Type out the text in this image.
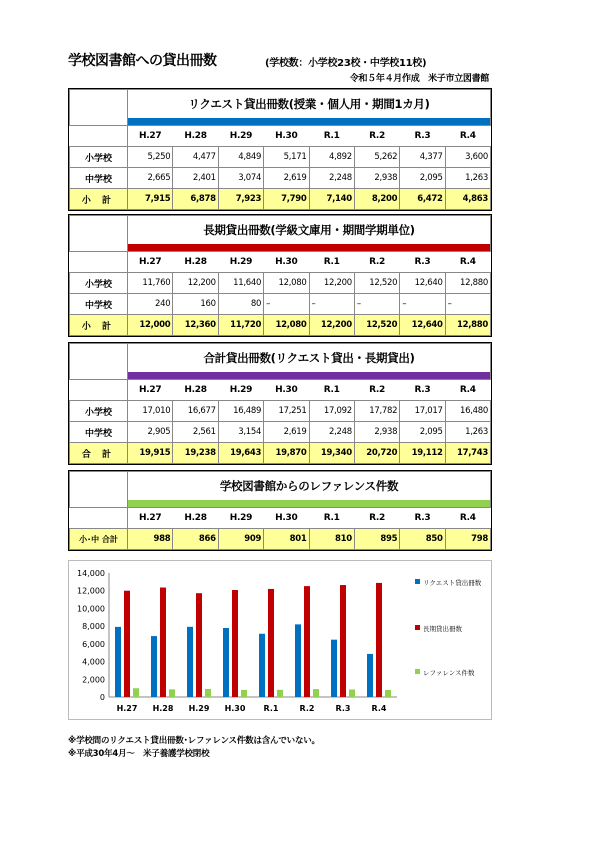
学校図書館への貸出冊数	(学校数：小学校23校・中学校11校)
令和５年４月作成　米子市立図書館

	リクエスト貸出冊数(授業・個人用・期間1カ月)							

	H.27	H.28	H.29	H.30	R.1	R.2	R.3	R.4
小学校	5,250	4,477	4,849	5,171	4,892	5,262	4,377	3,600
中学校	2,665	2,401	3,074	2,619	2,248	2,938	2,095	1,263
小 計	7,915	6,878	7,923	7,790	7,140	8,200	6,472	4,863

	長期貸出冊数(学級文庫用・期間学期単位)							

	H.27	H.28	H.29	H.30	R.1	R.2	R.3	R.4
小学校	11,760	12,200	11,640	12,080	12,200	12,520	12,640	12,880
中学校	240	160	80	–	–	–	–	–
小 計	12,000	12,360	11,720	12,080	12,200	12,520	12,640	12,880

	合計貸出冊数(リクエスト貸出・長期貸出)							

	H.27	H.28	H.29	H.30	R.1	R.2	R.3	R.4
小学校	17,010	16,677	16,489	17,251	17,092	17,782	17,017	16,480
中学校	2,905	2,561	3,154	2,619	2,248	2,938	2,095	1,263
合 計	19,915	19,238	19,643	19,870	19,340	20,720	19,112	17,743

	学校図書館からのレファレンス件数							

	H.27	H.28	H.29	H.30	R.1	R.2	R.3	R.4
小･中 合計	988	866	909	801	810	895	850	798
0
2,000
4,000
6,000
8,000
10,000
12,000
14,000
H.27 H.28 H.29 H.30 R.1	R.2	R.3	R.4
リクエスト貸出冊数
長期貸出冊数
レファレンス件数
※学校間のリクエスト貸出冊数･レファレンス件数は含んでいない。
※平成30年4月～　米子養護学校閉校
